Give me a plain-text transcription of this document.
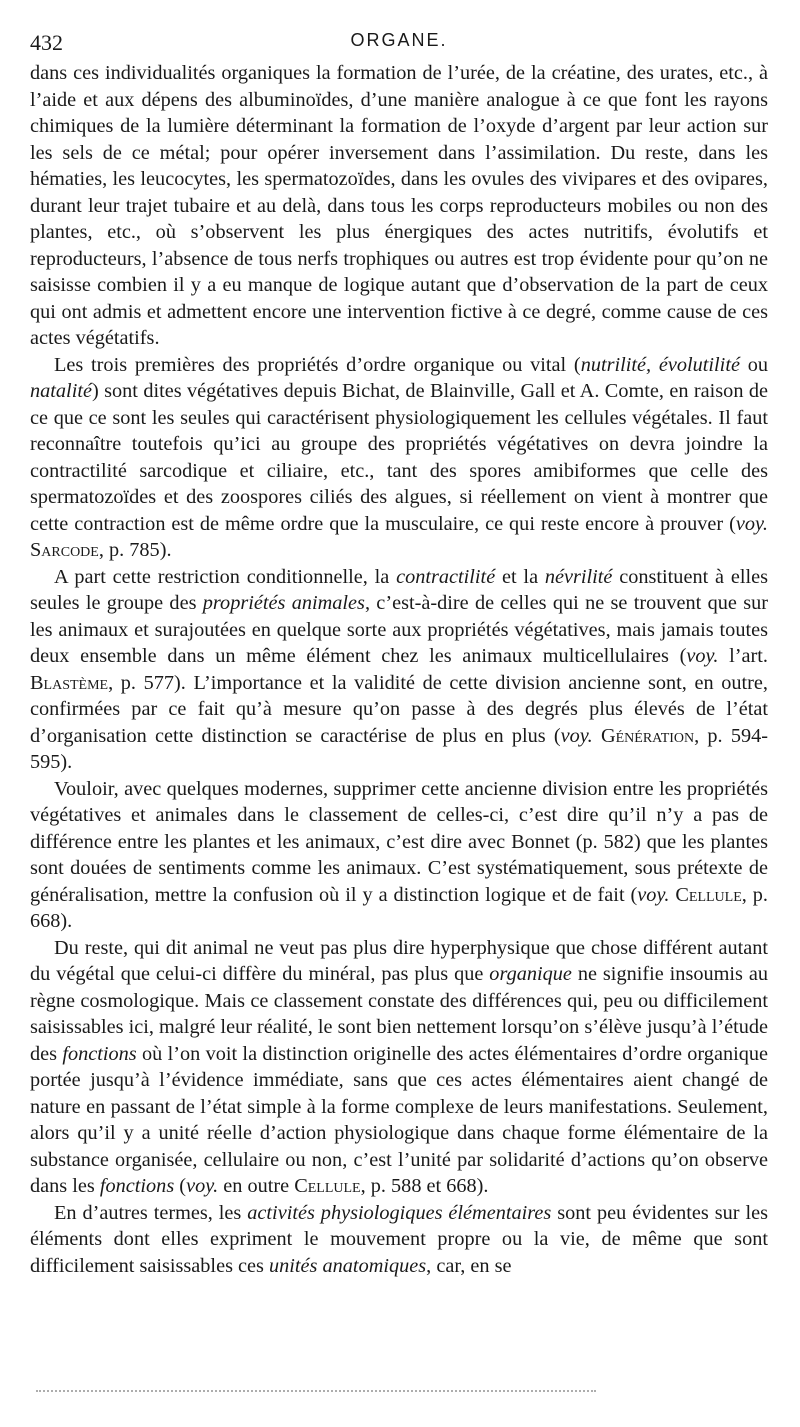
432	ORGANE.

dans ces individualités organiques la formation de l’urée, de la créatine, des urates, etc., à l’aide et aux dépens des albuminoïdes, d’une manière analogue à ce que font les rayons chimiques de la lumière déterminant la formation de l’oxyde d’argent par leur action sur les sels de ce métal; pour opérer inversement dans l’assimilation. Du reste, dans les hématies, les leucocytes, les spermatozoïdes, dans les ovules des vivipares et des ovipares, durant leur trajet tubaire et au delà, dans tous les corps reproducteurs mobiles ou non des plantes, etc., où s’observent les plus énergiques des actes nutritifs, évolutifs et reproducteurs, l’absence de tous nerfs trophiques ou autres est trop évidente pour qu’on ne saisisse combien il y a eu manque de logique autant que d’observation de la part de ceux qui ont admis et admettent encore une intervention fictive à ce degré, comme cause de ces actes végétatifs.

Les trois premières des propriétés d’ordre organique ou vital (nutrilité, évolutilité ou natalité) sont dites végétatives depuis Bichat, de Blainville, Gall et A. Comte, en raison de ce que ce sont les seules qui caractérisent physiologiquement les cellules végétales. Il faut reconnaître toutefois qu’ici au groupe des propriétés végétatives on devra joindre la contractilité sarcodique et ciliaire, etc., tant des spores amibiformes que celle des spermatozoïdes et des zoospores ciliés des algues, si réellement on vient à montrer que cette contraction est de même ordre que la musculaire, ce qui reste encore à prouver (voy. Sarcode, p. 785).

A part cette restriction conditionnelle, la contractilité et la névrilité constituent à elles seules le groupe des propriétés animales, c’est-à-dire de celles qui ne se trouvent que sur les animaux et surajoutées en quelque sorte aux propriétés végétatives, mais jamais toutes deux ensemble dans un même élément chez les animaux multicellulaires (voy. l’art. Blastème, p. 577). L’importance et la validité de cette division ancienne sont, en outre, confirmées par ce fait qu’à mesure qu’on passe à des degrés plus élevés de l’état d’organisation cette distinction se caractérise de plus en plus (voy. Génération, p. 594-595).

Vouloir, avec quelques modernes, supprimer cette ancienne division entre les propriétés végétatives et animales dans le classement de celles-ci, c’est dire qu’il n’y a pas de différence entre les plantes et les animaux, c’est dire avec Bonnet (p. 582) que les plantes sont douées de sentiments comme les animaux. C’est systématiquement, sous prétexte de généralisation, mettre la confusion où il y a distinction logique et de fait (voy. Cellule, p. 668).

Du reste, qui dit animal ne veut pas plus dire hyperphysique que chose différent autant du végétal que celui-ci diffère du minéral, pas plus que organique ne signifie insoumis au règne cosmologique. Mais ce classement constate des différences qui, peu ou difficilement saisissables ici, malgré leur réalité, le sont bien nettement lorsqu’on s’élève jusqu’à l’étude des fonctions où l’on voit la distinction originelle des actes élémentaires d’ordre organique portée jusqu’à l’évidence immédiate, sans que ces actes élémentaires aient changé de nature en passant de l’état simple à la forme complexe de leurs manifestations. Seulement, alors qu’il y a unité réelle d’action physiologique dans chaque forme élémentaire de la substance organisée, cellulaire ou non, c’est l’unité par solidarité d’actions qu’on observe dans les fonctions (voy. en outre Cellule, p. 588 et 668).

En d’autres termes, les activités physiologiques élémentaires sont peu évidentes sur les éléments dont elles expriment le mouvement propre ou la vie, de même que sont difficilement saisissables ces unités anatomiques, car, en se
